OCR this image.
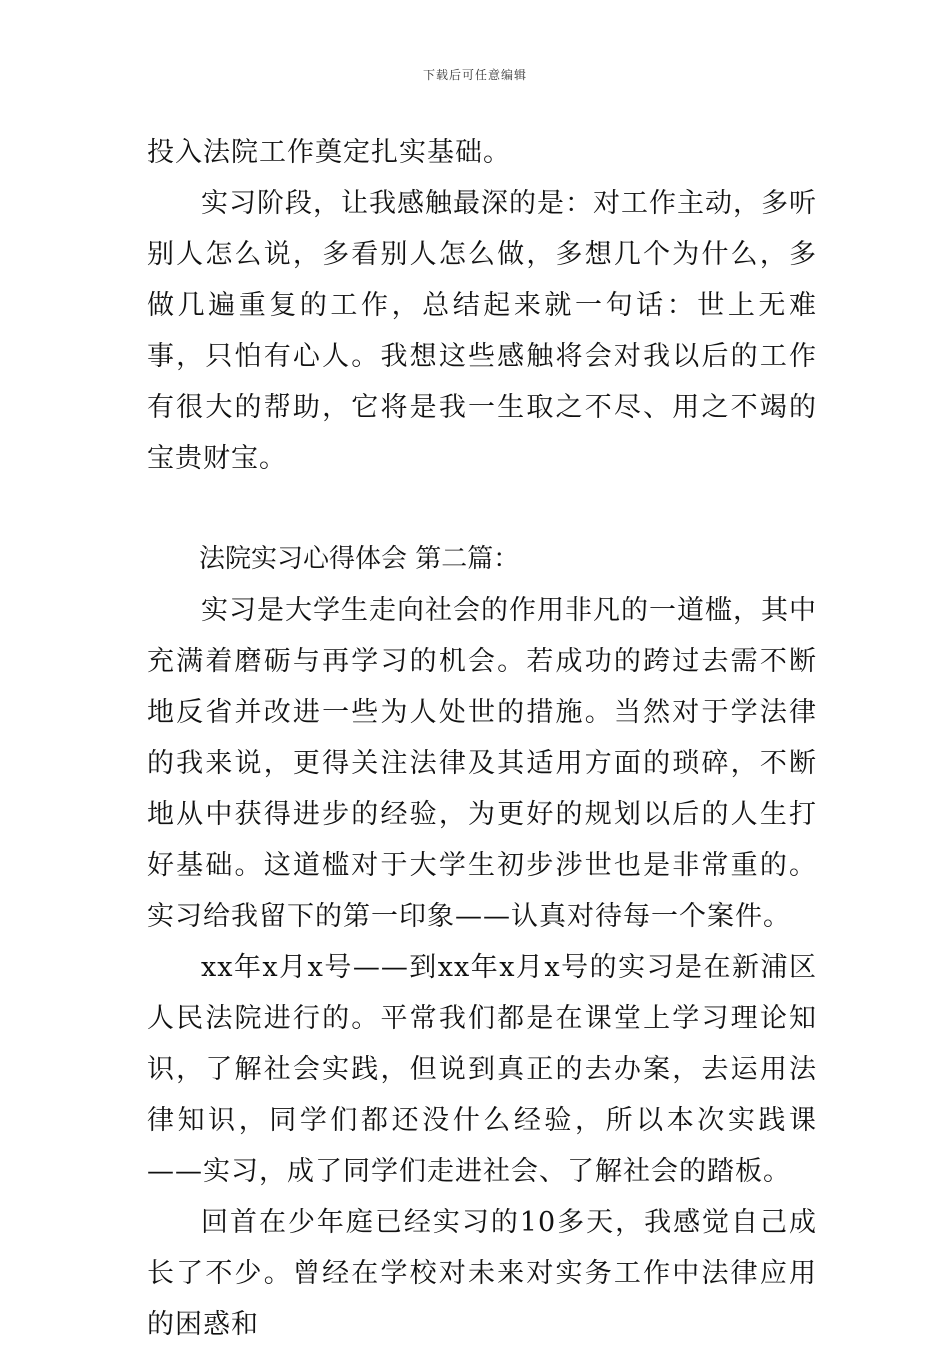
下载后可任意编辑

投入法院工作奠定扎实基础。

实习阶段，让我感触最深的是：对工作主动，多听别人怎么说，多看别人怎么做，多想几个为什么，多做几遍重复的工作，总结起来就一句话：世上无难事，只怕有心人。我想这些感触将会对我以后的工作有很大的帮助，它将是我一生取之不尽、用之不竭的宝贵财宝。

法院实习心得体会 第二篇：

实习是大学生走向社会的作用非凡的一道槛，其中充满着磨砺与再学习的机会。若成功的跨过去需不断地反省并改进一些为人处世的措施。当然对于学法律的我来说，更得关注法律及其适用方面的琐碎，不断地从中获得进步的经验，为更好的规划以后的人生打好基础。这道槛对于大学生初步涉世也是非常重的。实习给我留下的第一印象——认真对待每一个案件。

xx年x月x号——到xx年x月x号的实习是在新浦区人民法院进行的。平常我们都是在课堂上学习理论知识，了解社会实践，但说到真正的去办案，去运用法律知识，同学们都还没什么经验，所以本次实践课——实习，成了同学们走进社会、了解社会的踏板。

回首在少年庭已经实习的10多天，我感觉自己成长了不少。曾经在学校对未来对实务工作中法律应用的困惑和
